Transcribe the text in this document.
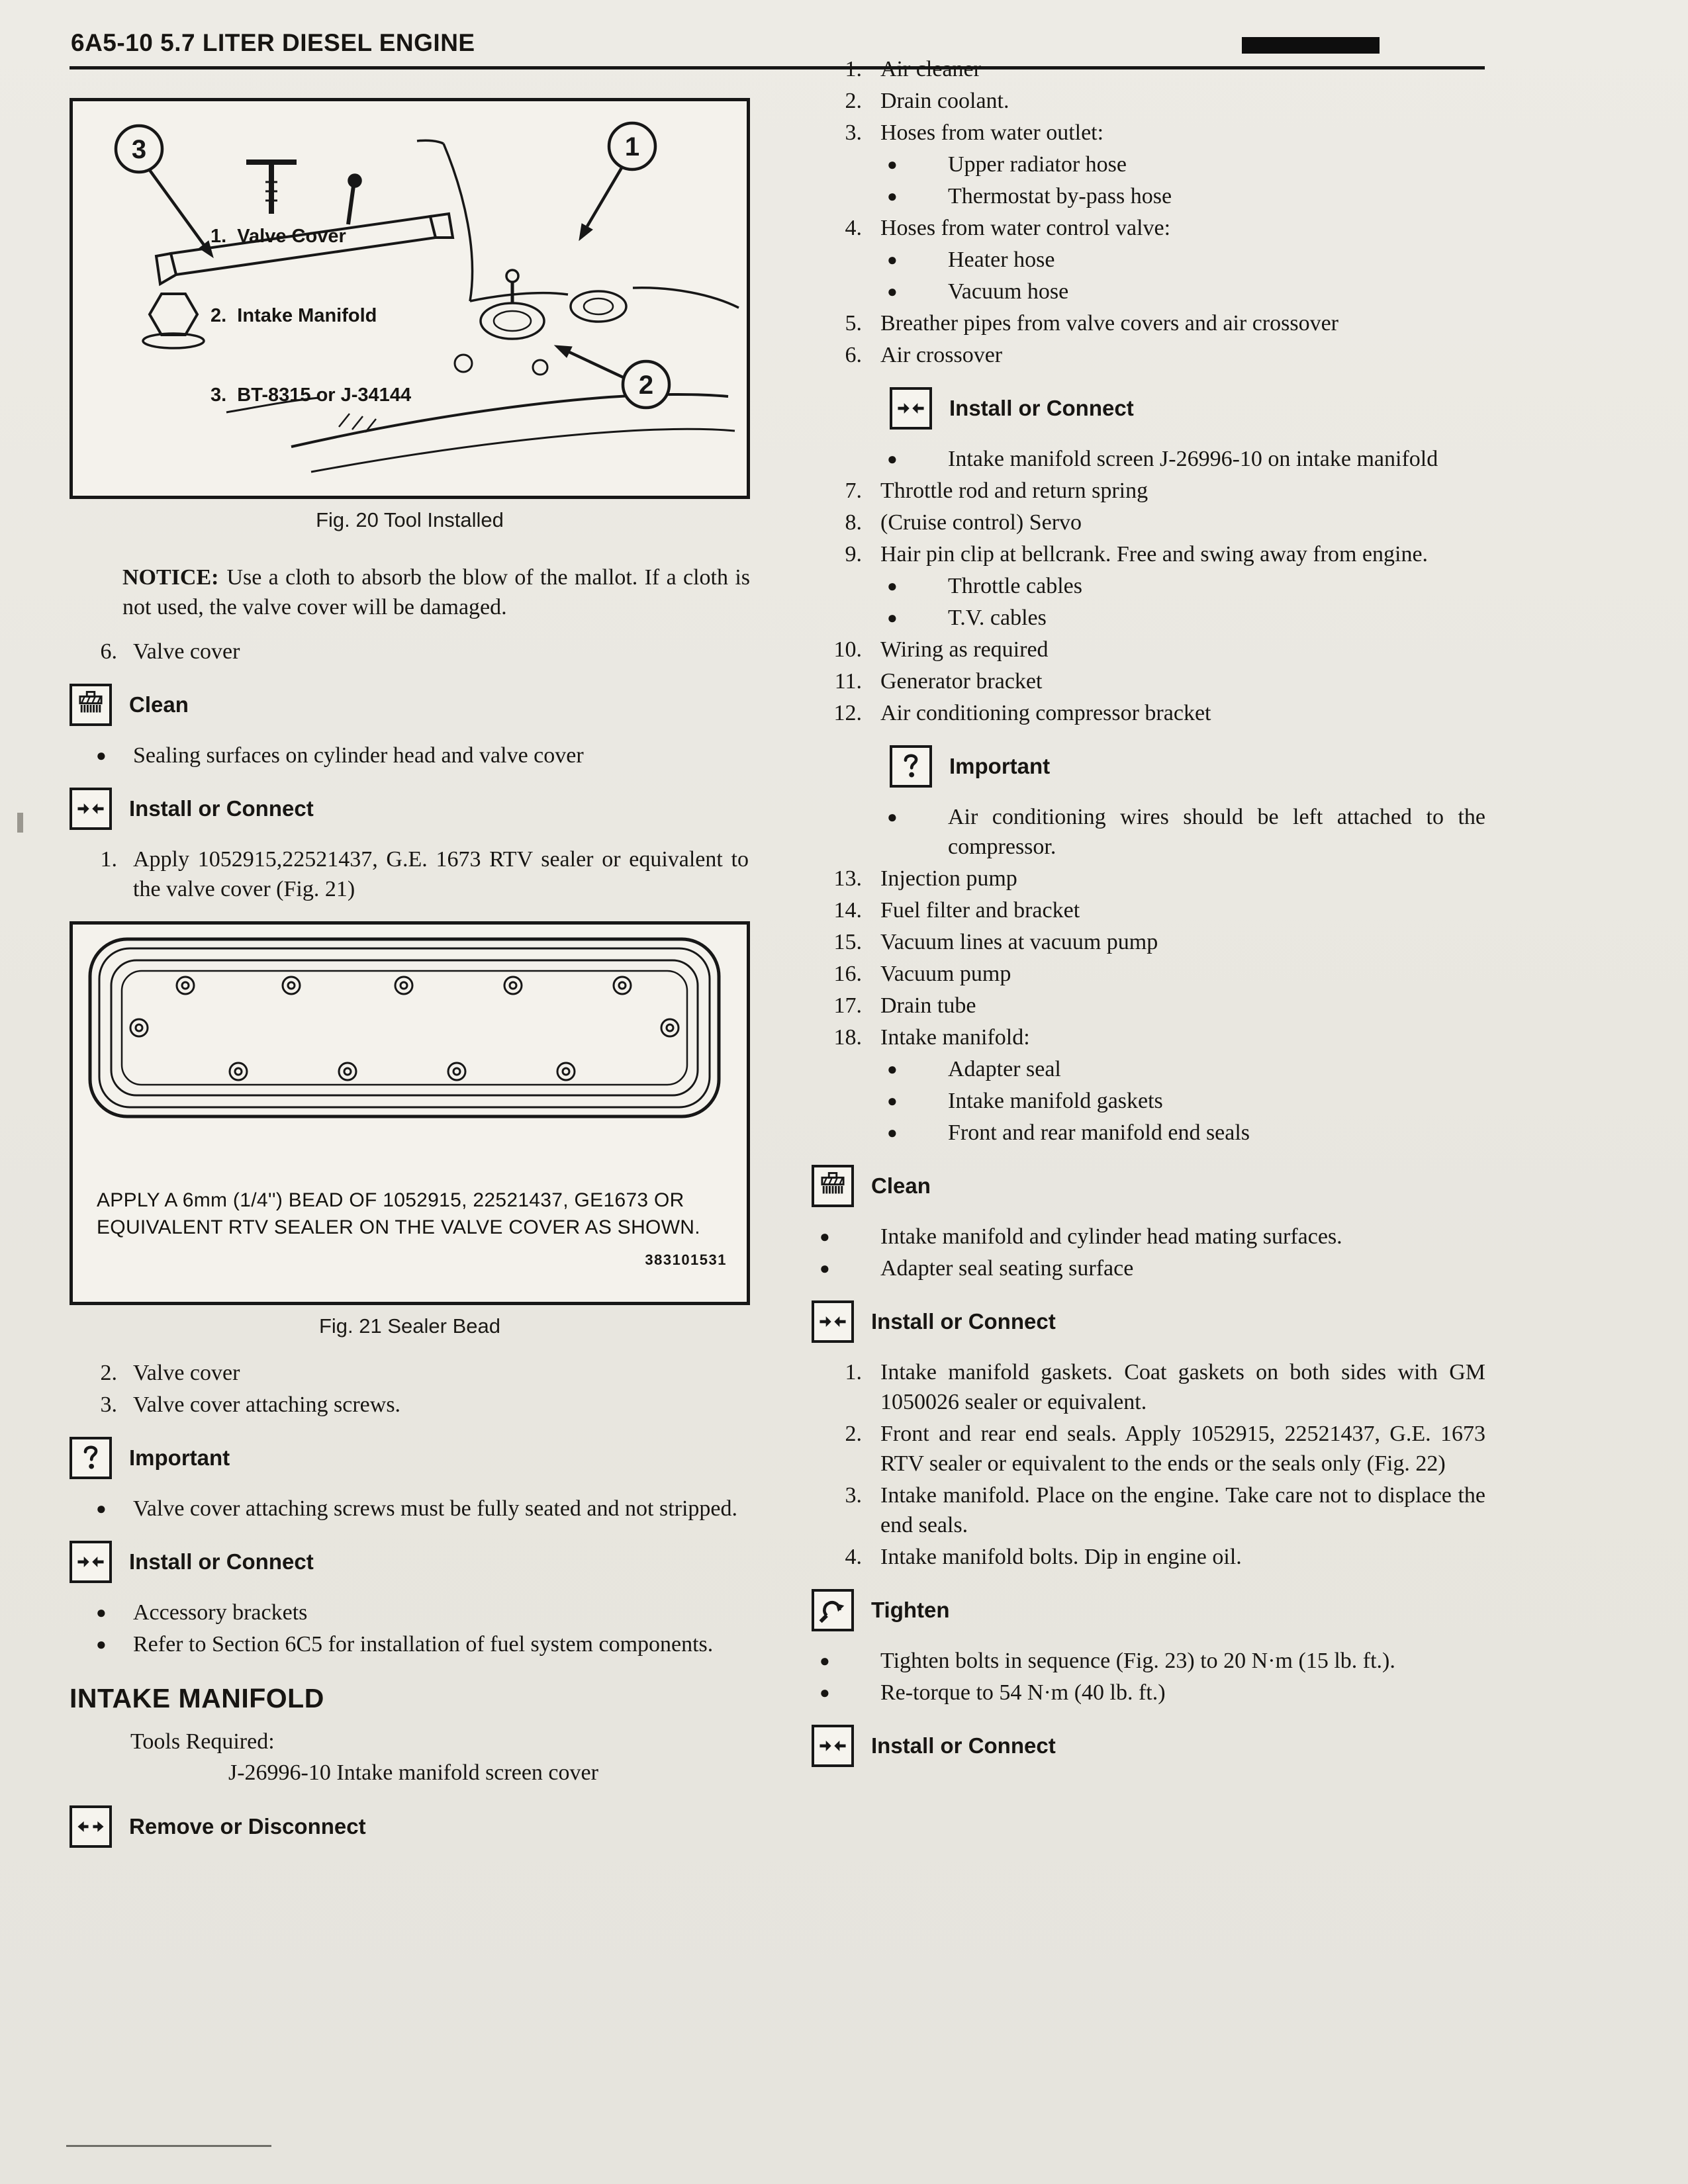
6A5-10 5.7 LITER DIESEL ENGINE
3	1
2

1.  Valve Cover

2.  Intake Manifold

3.  BT-8315 or J-34144

Fig. 20 Tool Installed

NOTICE: Use a cloth to absorb the blow of the mallot. If a cloth is not used, the valve cover will be damaged.

6. Valve cover
Clean
●	Sealing surfaces on cylinder head and valve cover
Install or Connect
1. Apply 1052915,22521437, G.E. 1673 RTV sealer or equivalent to the valve cover (Fig. 21)
APPLY A 6mm (1/4'') BEAD OF 1052915, 22521437, GE1673 OR EQUIVALENT RTV SEALER ON THE VALVE COVER AS SHOWN.
383101531
Fig. 21 Sealer Bead
2. Valve cover
3. Valve cover attaching screws.
Important
●	Valve cover attaching screws must be fully seated and not stripped.
Install or Connect
●	Accessory brackets
●	Refer to Section 6C5 for installation of fuel system components.
INTAKE MANIFOLD
Tools Required:
J-26996-10 Intake manifold screen cover
Remove or Disconnect
1. Air cleaner
2. Drain coolant.
3. Hoses from water outlet:
●	Upper radiator hose
●	Thermostat by-pass hose
4. Hoses from water control valve:
●	Heater hose
●	Vacuum hose
5. Breather pipes from valve covers and air crossover
6. Air crossover
Install or Connect
●	Intake manifold screen J-26996-10 on intake manifold
7. Throttle rod and return spring
8. (Cruise control) Servo
9. Hair pin clip at bellcrank. Free and swing away from engine.
●	Throttle cables
●	T.V. cables
10. Wiring as required
11. Generator bracket
12. Air conditioning compressor bracket
Important
●	Air conditioning wires should be left attached to the compressor.
13. Injection pump
14. Fuel filter and bracket
15. Vacuum lines at vacuum pump
16. Vacuum pump
17. Drain tube
18. Intake manifold:
●	Adapter seal
●	Intake manifold gaskets
●	Front and rear manifold end seals
Clean
●	Intake manifold and cylinder head mating surfaces.
●	Adapter seal seating surface
Install or Connect
1. Intake manifold gaskets. Coat gaskets on both sides with GM 1050026 sealer or equivalent.
2. Front and rear end seals. Apply 1052915, 22521437, G.E. 1673 RTV sealer or equivalent to the ends or the seals only (Fig. 22)
3. Intake manifold. Place on the engine. Take care not to displace the end seals.
4. Intake manifold bolts. Dip in engine oil.
Tighten
●	Tighten bolts in sequence (Fig. 23) to 20 N·m (15 lb. ft.).
●	Re-torque to 54 N·m (40 lb. ft.)
Install or Connect
